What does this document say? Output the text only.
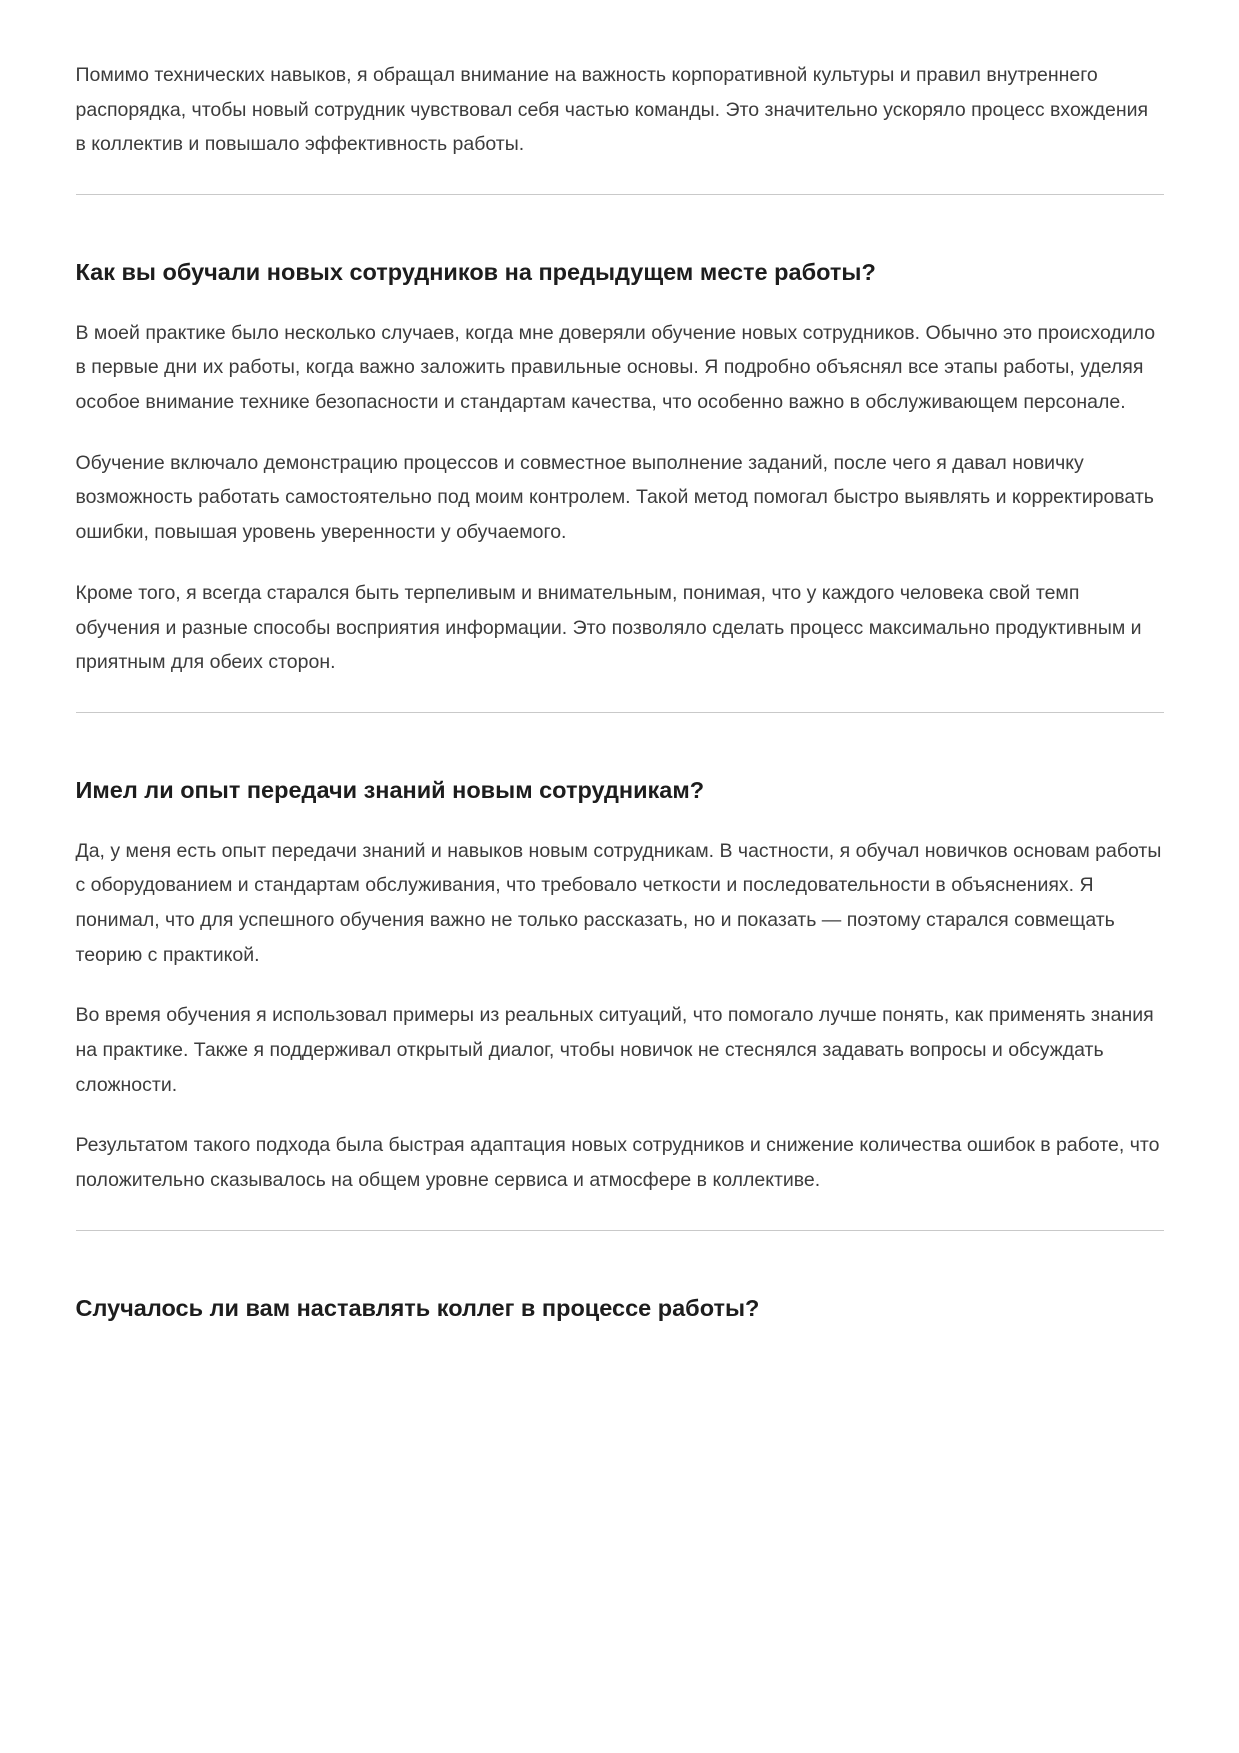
Помимо технических навыков, я обращал внимание на важность корпоративной культуры и правил внутреннего распорядка, чтобы новый сотрудник чувствовал себя частью команды. Это значительно ускоряло процесс вхождения в коллектив и повышало эффективность работы.

Как вы обучали новых сотрудников на предыдущем месте работы?

В моей практике было несколько случаев, когда мне доверяли обучение новых сотрудников. Обычно это происходило в первые дни их работы, когда важно заложить правильные основы. Я подробно объяснял все этапы работы, уделяя особое внимание технике безопасности и стандартам качества, что особенно важно в обслуживающем персонале.

Обучение включало демонстрацию процессов и совместное выполнение заданий, после чего я давал новичку возможность работать самостоятельно под моим контролем. Такой метод помогал быстро выявлять и корректировать ошибки, повышая уровень уверенности у обучаемого.

Кроме того, я всегда старался быть терпеливым и внимательным, понимая, что у каждого человека свой темп обучения и разные способы восприятия информации. Это позволяло сделать процесс максимально продуктивным и приятным для обеих сторон.

Имел ли опыт передачи знаний новым сотрудникам?

Да, у меня есть опыт передачи знаний и навыков новым сотрудникам. В частности, я обучал новичков основам работы с оборудованием и стандартам обслуживания, что требовало четкости и последовательности в объяснениях. Я понимал, что для успешного обучения важно не только рассказать, но и показать — поэтому старался совмещать теорию с практикой.

Во время обучения я использовал примеры из реальных ситуаций, что помогало лучше понять, как применять знания на практике. Также я поддерживал открытый диалог, чтобы новичок не стеснялся задавать вопросы и обсуждать сложности.

Результатом такого подхода была быстрая адаптация новых сотрудников и снижение количества ошибок в работе, что положительно сказывалось на общем уровне сервиса и атмосфере в коллективе.

Случалось ли вам наставлять коллег в процессе работы?
